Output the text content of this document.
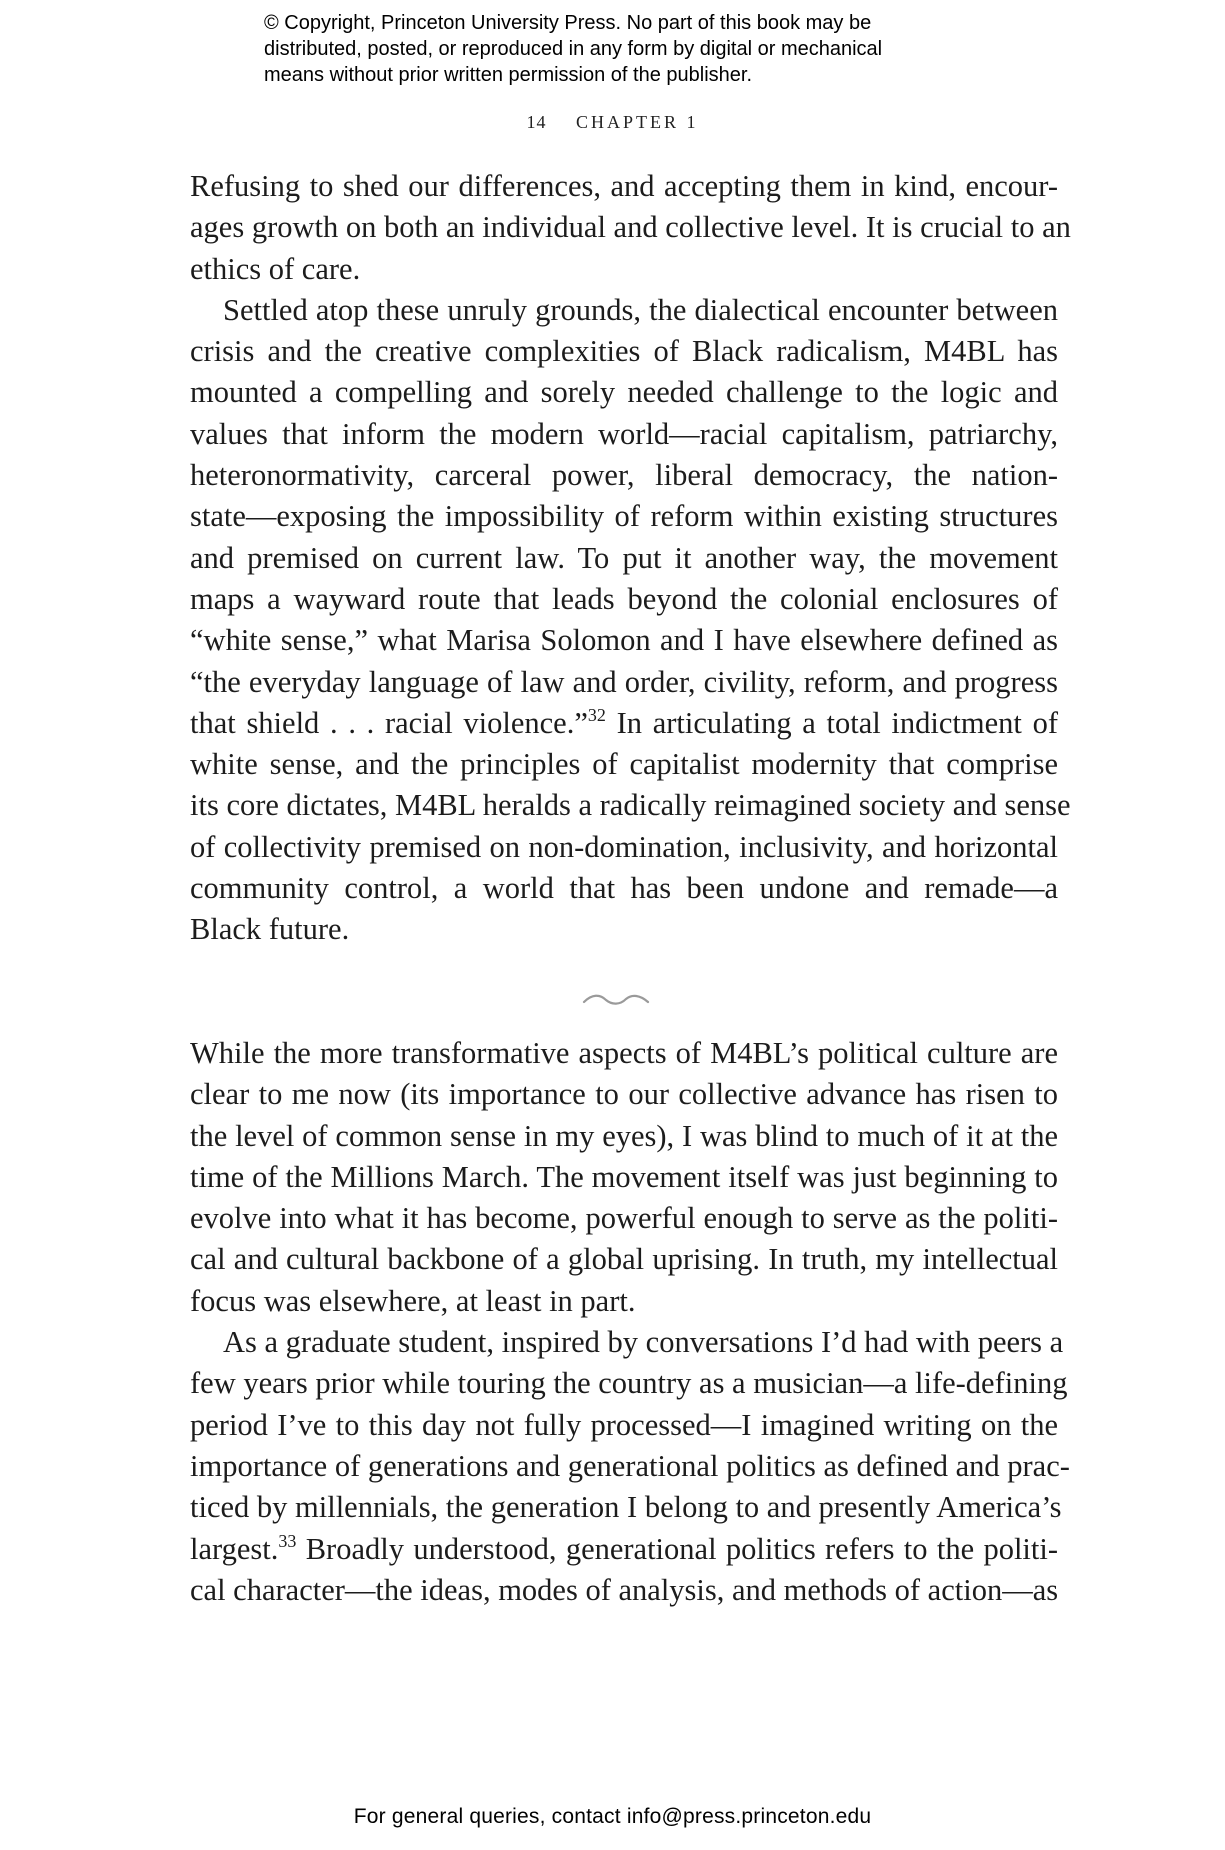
© Copyright, Princeton University Press. No part of this book may be
distributed, posted, or reproduced in any form by digital or mechanical
means without prior written permission of the publisher.
14 CHAPTER 1
Refusing to shed our differences, and accepting them in kind, encour-
ages growth on both an individual and collective level. It is crucial to an
ethics of care.
Settled atop these unruly grounds, the dialectical encounter between
crisis and the creative complexities of Black radicalism, M4BL has
mounted a compelling and sorely needed challenge to the logic and
values that inform the modern world—racial capitalism, patriarchy,
heteronormativity, carceral power, liberal democracy, the nation-
state—exposing the impossibility of reform within existing structures
and premised on current law. To put it another way, the movement
maps a wayward route that leads beyond the colonial enclosures of
“white sense,” what Marisa Solomon and I have elsewhere defined as
“the everyday language of law and order, civility, reform, and progress
that shield . . . racial violence.”$^{32}$ In articulating a total indictment of
white sense, and the principles of capitalist modernity that comprise
its core dictates, M4BL heralds a radically reimagined society and sense
of collectivity premised on non-domination, inclusivity, and horizontal
community control, a world that has been undone and remade—a
Black future.
While the more transformative aspects of M4BL’s political culture are
clear to me now (its importance to our collective advance has risen to
the level of common sense in my eyes), I was blind to much of it at the
time of the Millions March. The movement itself was just beginning to
evolve into what it has become, powerful enough to serve as the politi-
cal and cultural backbone of a global uprising. In truth, my intellectual
focus was elsewhere, at least in part.
As a graduate student, inspired by conversations I’d had with peers a
few years prior while touring the country as a musician—a life-defining
period I’ve to this day not fully processed—I imagined writing on the
importance of generations and generational politics as defined and prac-
ticed by millennials, the generation I belong to and presently America’s
largest.$^{33}$ Broadly understood, generational politics refers to the politi-
cal character—the ideas, modes of analysis, and methods of action—as
For general queries, contact info@press.princeton.edu
